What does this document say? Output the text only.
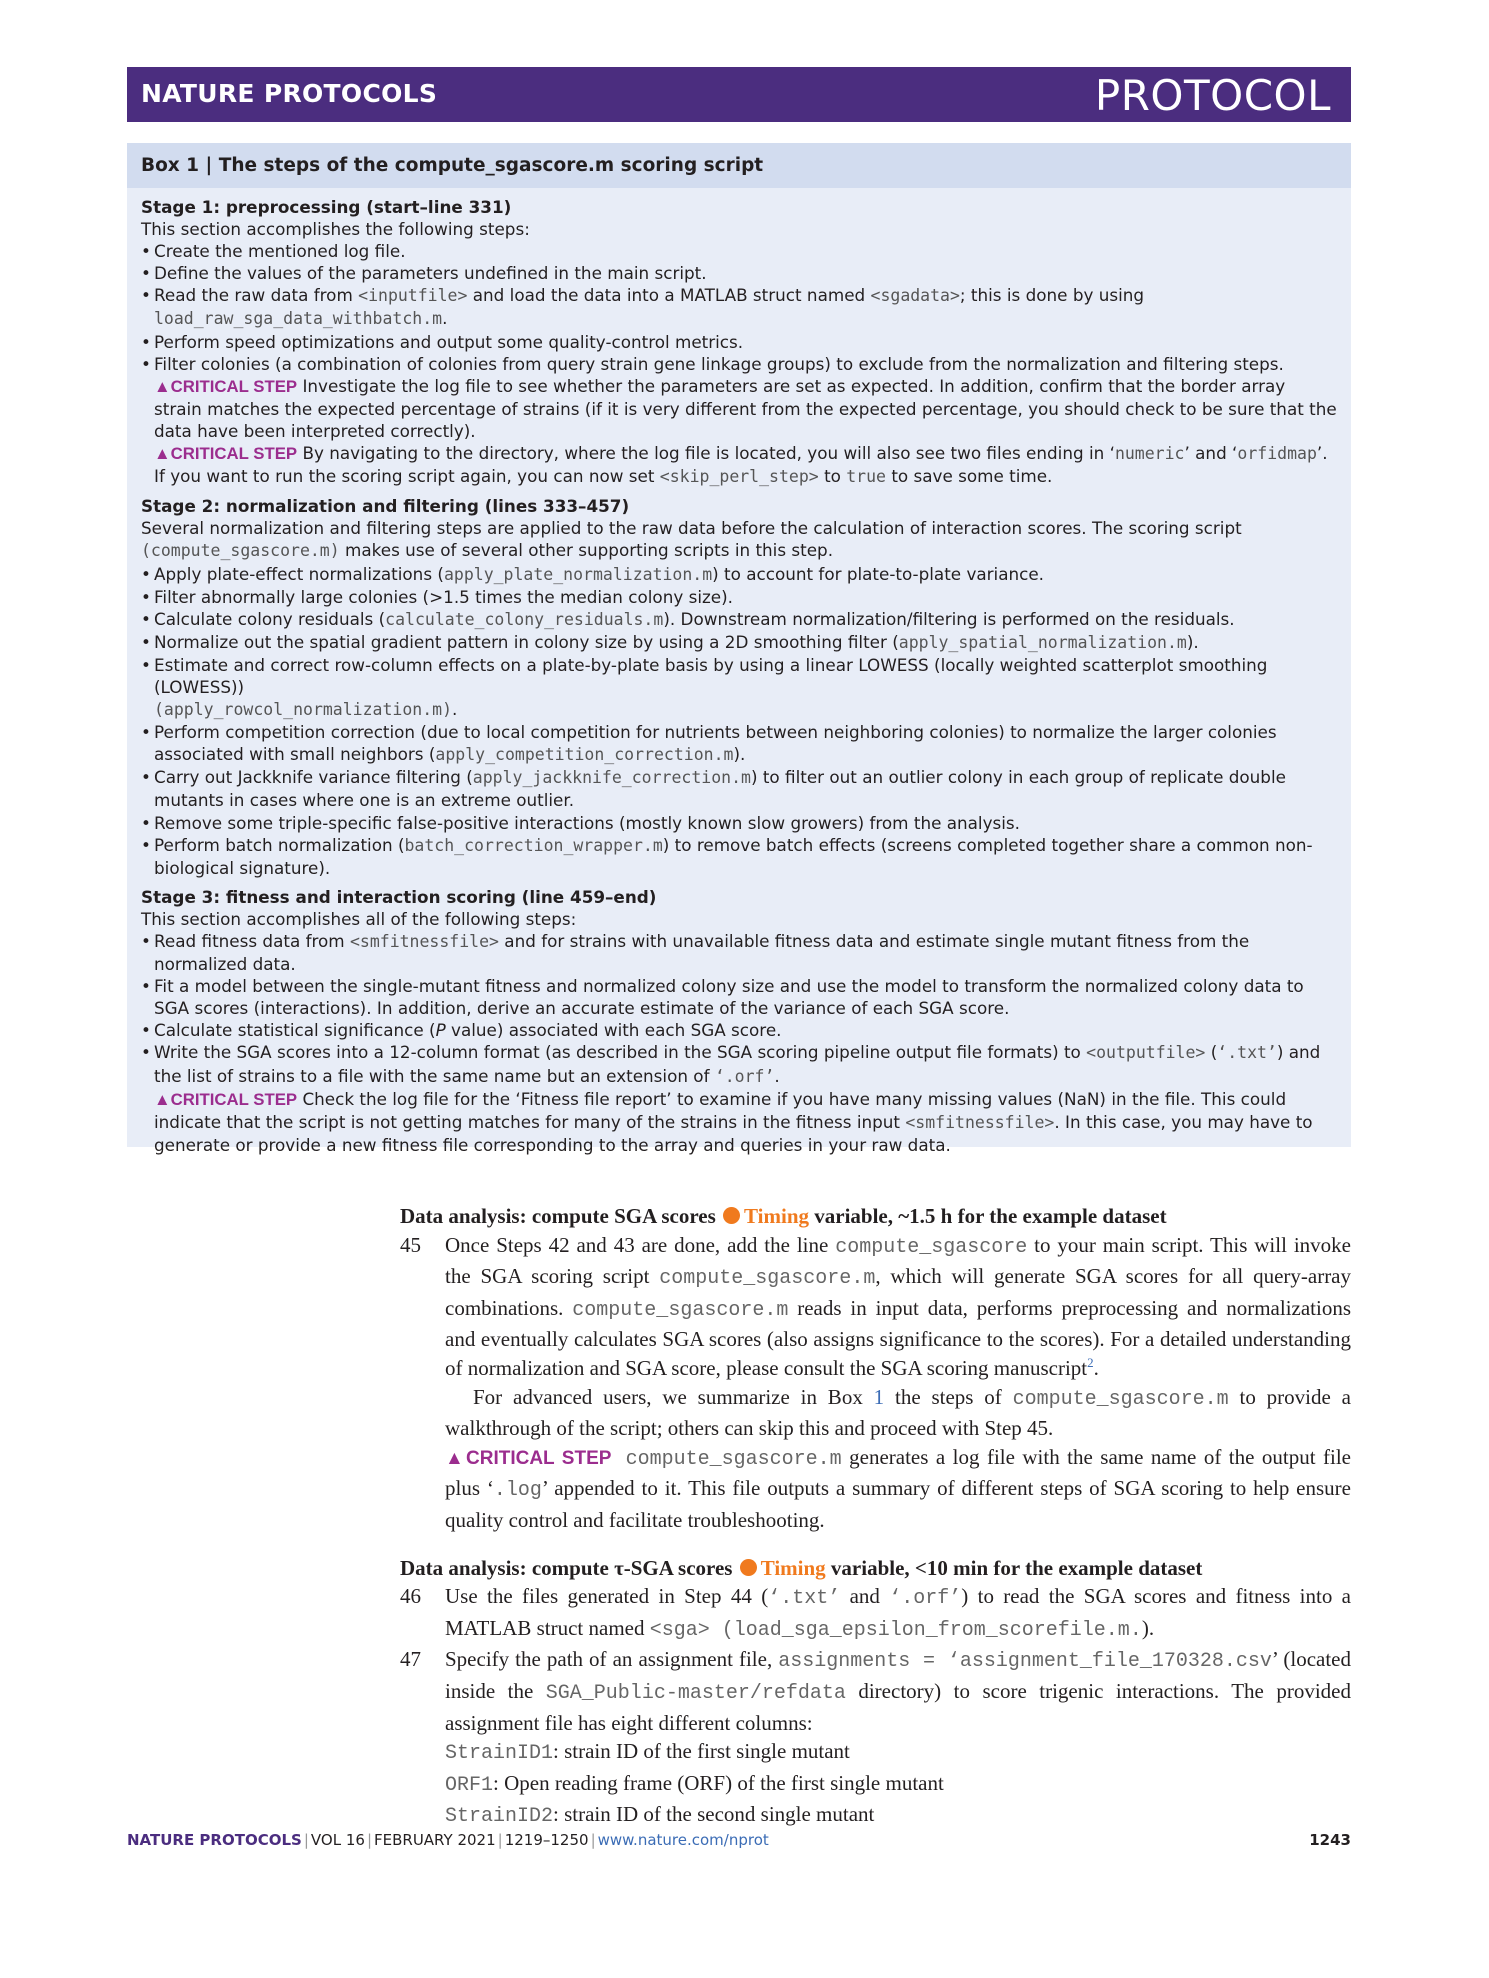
NATURE PROTOCOLS	PROTOCOL
Box 1 | The steps of the compute_sgascore.m scoring script
Stage 1: preprocessing (start–line 331)
This section accomplishes the following steps:
• Create the mentioned log file.
• Define the values of the parameters undefined in the main script.
• Read the raw data from <inputfile> and load the data into a MATLAB struct named <sgadata>; this is done by using
load_raw_sga_data_withbatch.m.
• Perform speed optimizations and output some quality-control metrics.
• Filter colonies (a combination of colonies from query strain gene linkage groups) to exclude from the normalization and filtering steps.
▲CRITICAL STEP Investigate the log file to see whether the parameters are set as expected. In addition, confirm that the border array strain matches the expected percentage of strains (if it is very different from the expected percentage, you should check to be sure that the data have been interpreted correctly).
▲CRITICAL STEP By navigating to the directory, where the log file is located, you will also see two files ending in ‘numeric’ and ‘orfidmap’.
If you want to run the scoring script again, you can now set <skip_perl_step> to true to save some time.
Stage 2: normalization and filtering (lines 333–457)
Several normalization and filtering steps are applied to the raw data before the calculation of interaction scores. The scoring script
(compute_sgascore.m) makes use of several other supporting scripts in this step.
• Apply plate-effect normalizations (apply_plate_normalization.m) to account for plate-to-plate variance.
• Filter abnormally large colonies (>1.5 times the median colony size).
• Calculate colony residuals (calculate_colony_residuals.m). Downstream normalization/filtering is performed on the residuals.
• Normalize out the spatial gradient pattern in colony size by using a 2D smoothing filter (apply_spatial_normalization.m).
• Estimate and correct row-column effects on a plate-by-plate basis by using a linear LOWESS (locally weighted scatterplot smoothing (LOWESS))
(apply_rowcol_normalization.m).
• Perform competition correction (due to local competition for nutrients between neighboring colonies) to normalize the larger colonies associated with small neighbors (apply_competition_correction.m).
• Carry out Jackknife variance filtering (apply_jackknife_correction.m) to filter out an outlier colony in each group of replicate double mutants in cases where one is an extreme outlier.
• Remove some triple-specific false-positive interactions (mostly known slow growers) from the analysis.
• Perform batch normalization (batch_correction_wrapper.m) to remove batch effects (screens completed together share a common non-biological signature).
Stage 3: fitness and interaction scoring (line 459–end)
This section accomplishes all of the following steps:
• Read fitness data from <smfitnessfile> and for strains with unavailable fitness data and estimate single mutant fitness from the normalized data.
• Fit a model between the single-mutant fitness and normalized colony size and use the model to transform the normalized colony data to SGA scores (interactions). In addition, derive an accurate estimate of the variance of each SGA score.
• Calculate statistical significance (P value) associated with each SGA score.
• Write the SGA scores into a 12-column format (as described in the SGA scoring pipeline output file formats) to <outputfile> (‘.txt’) and the list of strains to a file with the same name but an extension of ‘.orf’.
▲CRITICAL STEP Check the log file for the ‘Fitness file report’ to examine if you have many missing values (NaN) in the file. This could indicate that the script is not getting matches for many of the strains in the fitness input <smfitnessfile>. In this case, you may have to generate or provide a new fitness file corresponding to the array and queries in your raw data.
Data analysis: compute SGA scores Timing variable, ~1.5 h for the example dataset
45 Once Steps 42 and 43 are done, add the line compute_sgascore to your main script. This will invoke the SGA scoring script compute_sgascore.m, which will generate SGA scores for all query-array combinations. compute_sgascore.m reads in input data, performs preprocessing and normalizations and eventually calculates SGA scores (also assigns significance to the scores). For a detailed understanding of normalization and SGA score, please consult the SGA scoring manuscript$^2$.
For advanced users, we summarize in Box 1 the steps of compute_sgascore.m to provide a walkthrough of the script; others can skip this and proceed with Step 45.
▲CRITICAL STEP compute_sgascore.m generates a log file with the same name of the output file plus ‘.log’ appended to it. This file outputs a summary of different steps of SGA scoring to help ensure quality control and facilitate troubleshooting.
Data analysis: compute τ-SGA scores Timing variable, <10 min for the example dataset
46 Use the files generated in Step 44 (‘.txt’ and ‘.orf’) to read the SGA scores and fitness into a MATLAB struct named <sga> (load_sga_epsilon_from_scorefile.m.).
47 Specify the path of an assignment file, assignments = ‘assignment_file_170328.csv’ (located inside the SGA_Public-master/refdata directory) to score trigenic interactions. The provided assignment file has eight different columns:
StrainID1: strain ID of the first single mutant
ORF1: Open reading frame (ORF) of the first single mutant
StrainID2: strain ID of the second single mutant
NATURE PROTOCOLS | VOL 16 | FEBRUARY 2021 | 1219–1250 | www.nature.com/nprot	1243
